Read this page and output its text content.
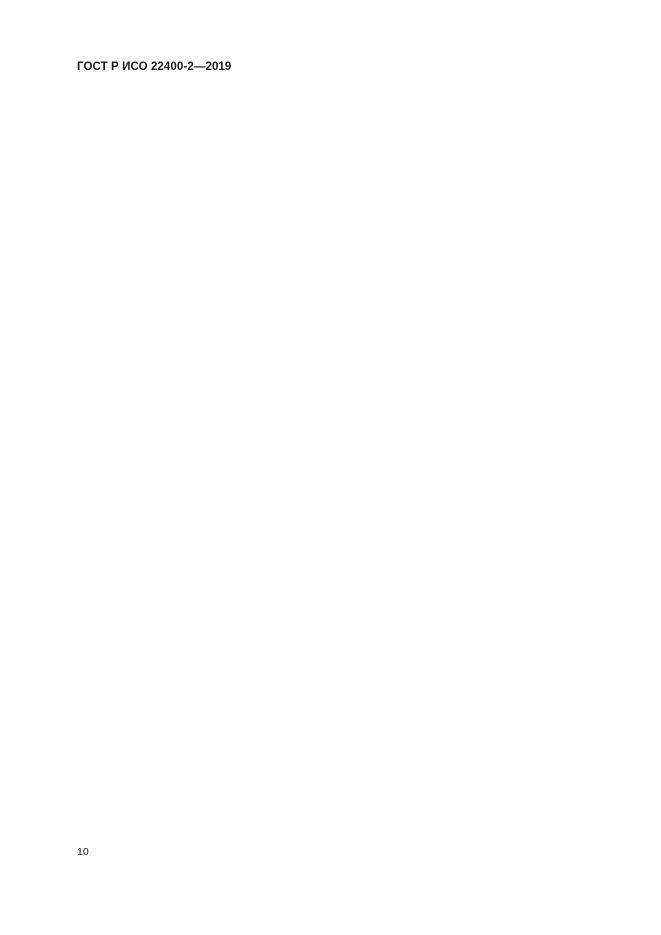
ГОСТ Р ИСО 22400-2—2019

10
